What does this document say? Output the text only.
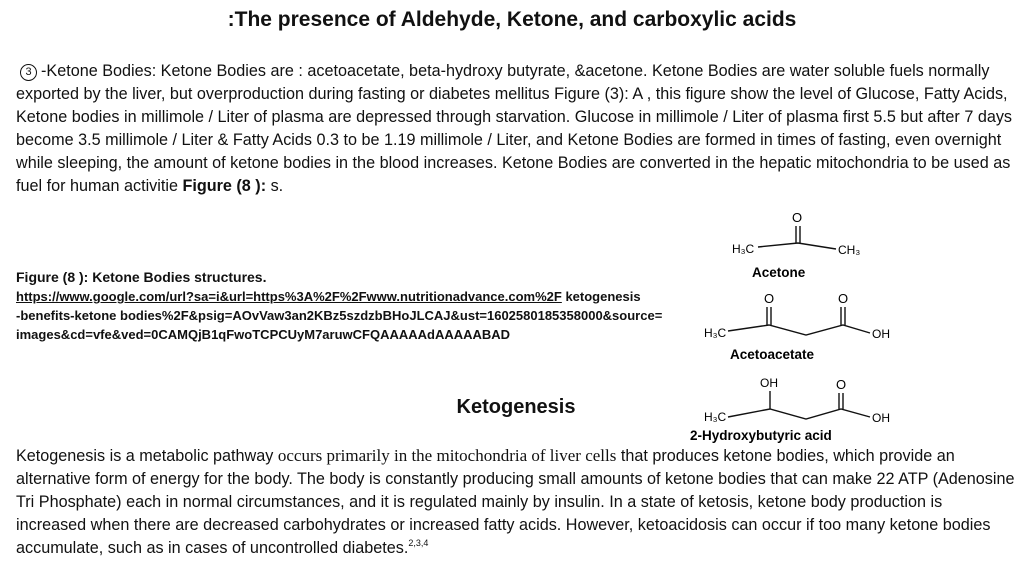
:The presence of Aldehyde, Ketone, and carboxylic acids
3 -Ketone Bodies: Ketone Bodies are : acetoacetate, beta-hydroxy butyrate, &acetone. Ketone Bodies are water soluble fuels normally exported by the liver, but overproduction during fasting or diabetes mellitus Figure (3): A , this figure show the level of Glucose, Fatty Acids, Ketone bodies in millimole / Liter of plasma are depressed through starvation. Glucose in millimole / Liter of plasma first 5.5 but after 7 days become 3.5 millimole / Liter & Fatty Acids 0.3 to be 1.19 millimole / Liter, and Ketone Bodies are formed in times of fasting, even overnight while sleeping, the amount of ketone bodies in the blood increases. Ketone Bodies are converted in the hepatic mitochondria to be used as fuel for human activitie Figure (8 ): s.
Figure (8 ): Ketone Bodies structures.
https://www.google.com/url?sa=i&url=https%3A%2F%2Fwww.nutritionadvance.com%2F ketogenesis
-benefits-ketone bodies%2F&psig=AOvVaw3an2KBz5szdzbBHoJLCAJ&ust=1602580185358000&source=
images&cd=vfe&ved=0CAMQjB1qFwoTCPCUyM7aruwCFQAAAAAdAAAAABAD
O
H₃C	CH₃
Acetone
O	O
H₃C	OH
Acetoacetate
OH	O
H₃C	OH
2-Hydroxybutyric acid
Ketogenesis
Ketogenesis is a metabolic pathway occurs primarily in the mitochondria of liver cells that produces ketone bodies, which provide an alternative form of energy for the body. The body is constantly producing small amounts of ketone bodies that can make 22 ATP (Adenosine Tri Phosphate) each in normal circumstances, and it is regulated mainly by insulin. In a state of ketosis, ketone body production is increased when there are decreased carbohydrates or increased fatty acids. However, ketoacidosis can occur if too many ketone bodies accumulate, such as in cases of uncontrolled diabetes.$^{2,3,4}$
